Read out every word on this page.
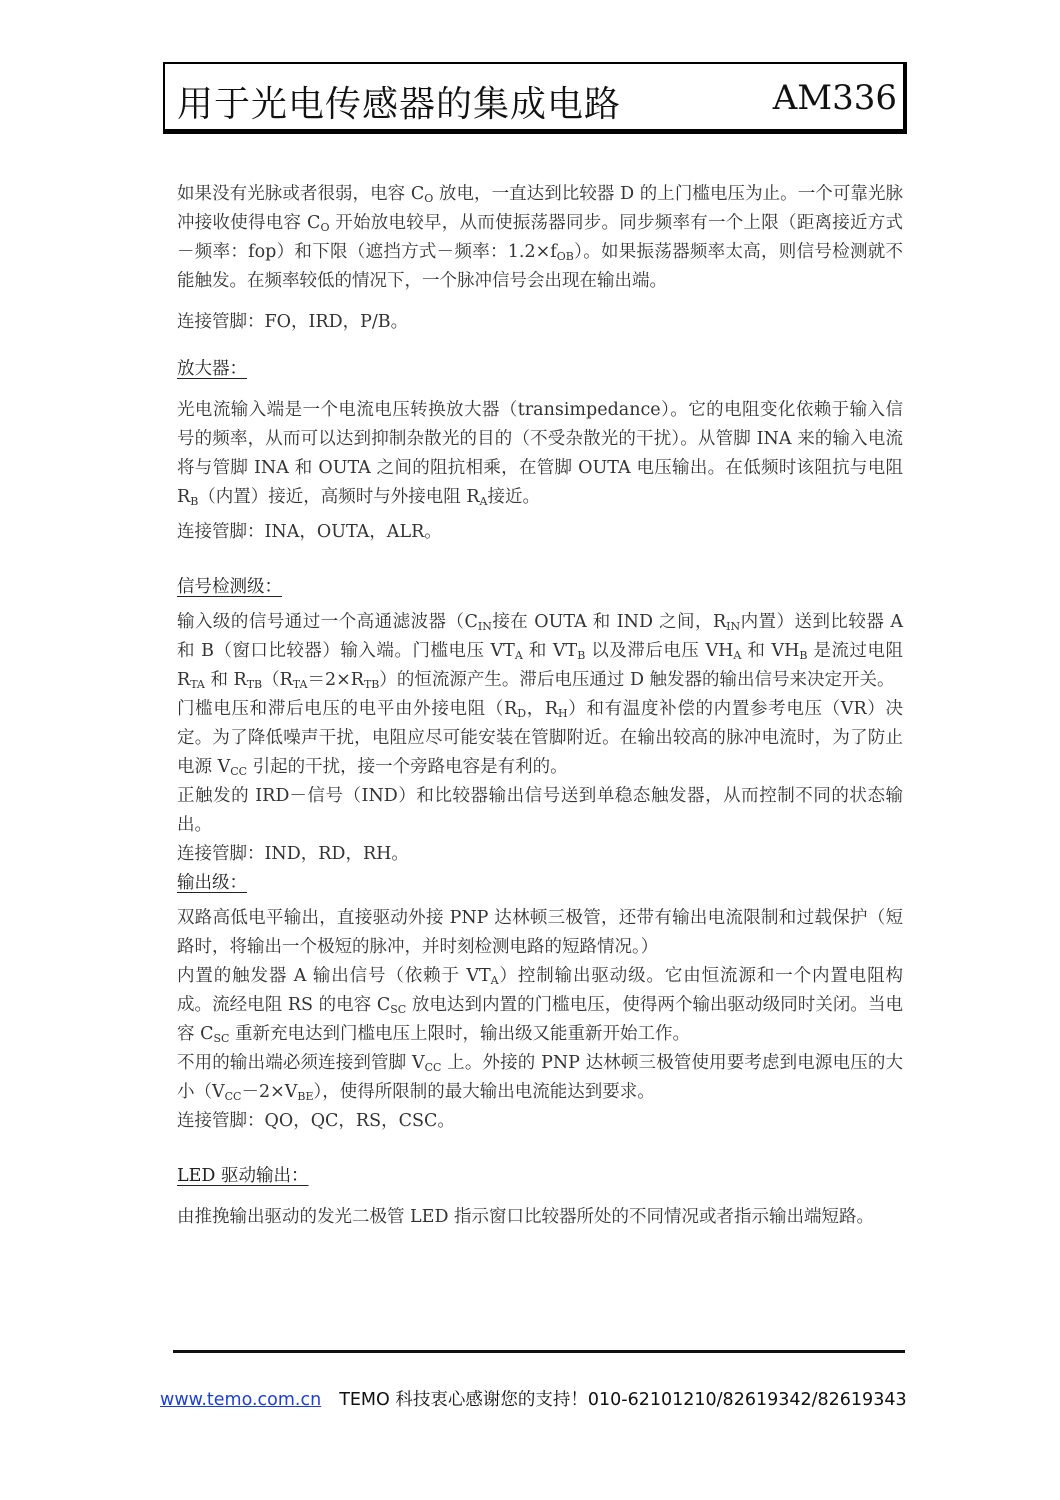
用于光电传感器的集成电路	AM336

如果没有光脉或者很弱，电容 $C_O$ 放电，一直达到比较器 D 的上门槛电压为止。一个可靠光脉冲接收使得电容 $C_O$ 开始放电较早，从而使振荡器同步。同步频率有一个上限（距离接近方式－频率：fop）和下限（遮挡方式－频率：$1.2\times f_{OB}$）。如果振荡器频率太高，则信号检测就不能触发。在频率较低的情况下，一个脉冲信号会出现在输出端。

连接管脚：FO，IRD，P/B。

放大器：

光电流输入端是一个电流电压转换放大器（transimpedance）。它的电阻变化依赖于输入信号的频率，从而可以达到抑制杂散光的目的（不受杂散光的干扰）。从管脚 INA 来的输入电流将与管脚 INA 和 OUTA 之间的阻抗相乘，在管脚 OUTA 电压输出。在低频时该阻抗与电阻 $R_B$（内置）接近，高频时与外接电阻 $R_A$接近。

连接管脚：INA，OUTA，ALR。

信号检测级：

输入级的信号通过一个高通滤波器（$C_{IN}$接在 OUTA 和 IND 之间，$R_{IN}$内置）送到比较器 A 和 B（窗口比较器）输入端。门槛电压 $VT_A$ 和 $VT_B$ 以及滞后电压 $VH_A$ 和 $VH_B$ 是流过电阻 $R_{TA}$ 和 $R_{TB}(R_{TA}=2\times R_{TB})$的恒流源产生。滞后电压通过 D 触发器的输出信号来决定开关。

门槛电压和滞后电压的电平由外接电阻（$R_D$，$R_H$）和有温度补偿的内置参考电压（VR）决定。为了降低噪声干扰，电阻应尽可能安装在管脚附近。在输出较高的脉冲电流时，为了防止电源 $V_{CC}$ 引起的干扰，接一个旁路电容是有利的。

正触发的 IRD－信号（IND）和比较器输出信号送到单稳态触发器，从而控制不同的状态输出。

连接管脚：IND，RD，RH。

输出级：

双路高低电平输出，直接驱动外接 PNP 达林顿三极管，还带有输出电流限制和过载保护（短路时，将输出一个极短的脉冲，并时刻检测电路的短路情况。）

内置的触发器 A 输出信号（依赖于 $VT_A$）控制输出驱动级。它由恒流源和一个内置电阻构成。流经电阻 RS 的电容 $C_{SC}$ 放电达到内置的门槛电压，使得两个输出驱动级同时关闭。当电容 $C_{SC}$ 重新充电达到门槛电压上限时，输出级又能重新开始工作。

不用的输出端必须连接到管脚 $V_{CC}$ 上。外接的 PNP 达林顿三极管使用要考虑到电源电压的大小$(V_{CC}-2\times V_{BE})$，使得所限制的最大输出电流能达到要求。

连接管脚：QO，QC，RS，CSC。

LED 驱动输出：

由推挽输出驱动的发光二极管 LED 指示窗口比较器所处的不同情况或者指示输出端短路。

www.temo.com.cn TEMO 科技衷心感谢您的支持！010-62101210/82619342/82619343
